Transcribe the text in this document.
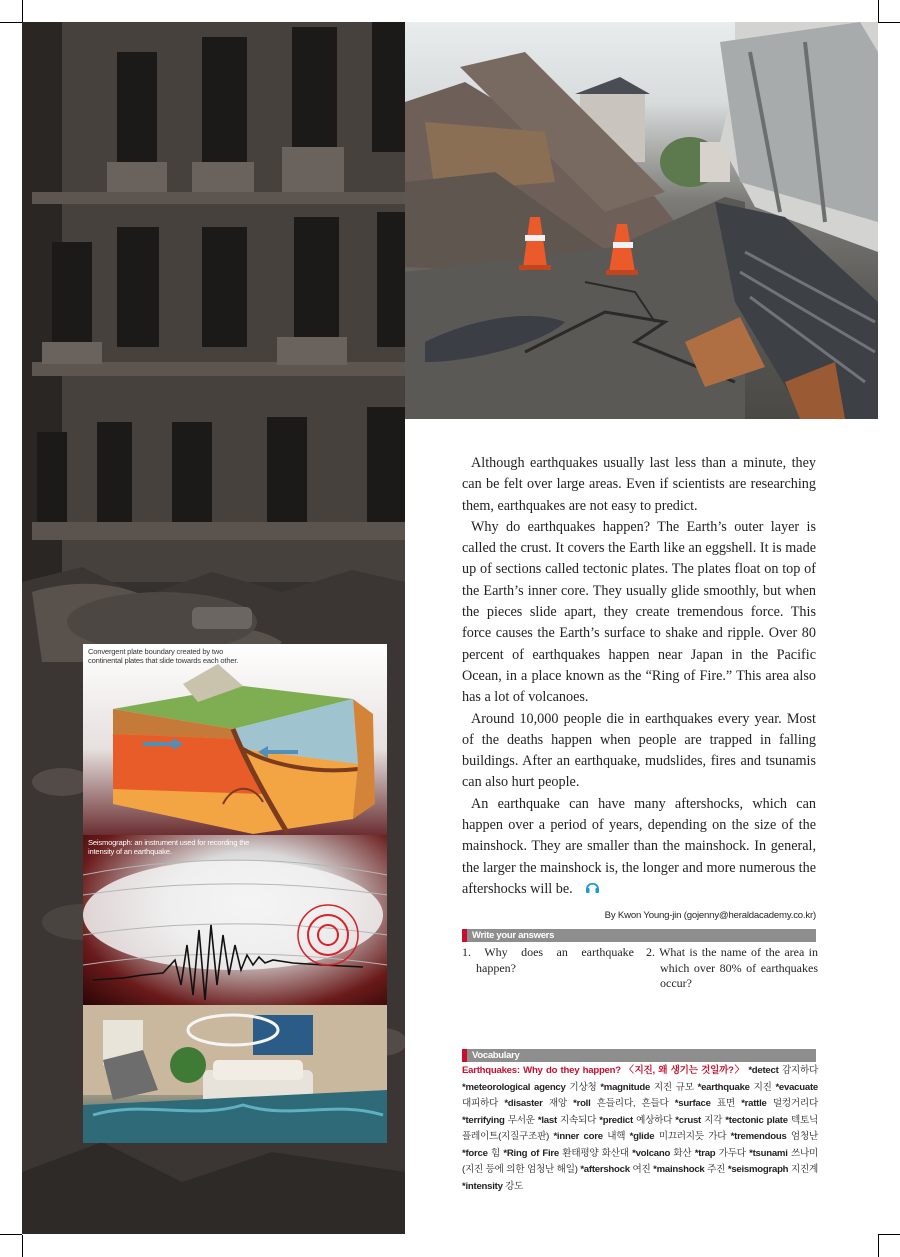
Convergent plate boundary created by two continental plates that slide towards each other.
Seismograph: an instrument used for recording the intensity of an earthquake.

Although earthquakes usually last less than a minute, they can be felt over large areas. Even if scientists are researching them, earthquakes are not easy to predict.

Why do earthquakes happen? The Earth’s outer layer is called the crust. It covers the Earth like an eggshell. It is made up of sections called tectonic plates. The plates float on top of the Earth’s inner core. They usually glide smoothly, but when the pieces slide apart, they create tremendous force. This force causes the Earth’s surface to shake and ripple. Over 80 percent of earthquakes happen near Japan in the Pacific Ocean, in a place known as the “Ring of Fire.” This area also has a lot of volcanoes.

Around 10,000 people die in earthquakes every year. Most of the deaths happen when people are trapped in falling buildings. After an earthquake, mudslides, fires and tsunamis can also hurt people.

An earthquake can have many aftershocks, which can happen over a period of years, depending on the size of the mainshock. They are smaller than the mainshock. In general, the larger the mainshock is, the longer and more numerous the aftershocks will be.
By Kwon Young-jin (gojenny@heraldacademy.co.kr)

Write your answers
1. Why does an earthquake happen?
2. What is the name of the area in which over 80% of earthquakes occur?
Vocabulary
Earthquakes: Why do they happen? 〈지진, 왜 생기는 것일까?〉 *detect 감지하다 *meteorological agency 기상청 *magnitude 지진 규모 *earthquake 지진 *evacuate 대피하다 *disaster 재앙 *roll 흔들리다, 흔들다 *surface 표면 *rattle 덜컹거리다 *terrifying 무서운 *last 지속되다 *predict 예상하다 *crust 지각 *tectonic plate 텍토닉 플레이트(지질구조판) *inner core 내핵 *glide 미끄러지듯 가다 *tremendous 엄청난 *force 힘 *Ring of Fire 환태평양 화산대 *volcano 화산 *trap 가두다 *tsunami 쓰나미(지진 등에 의한 엄청난 해일) *aftershock 여진 *mainshock 주진 *seismograph 지진계 *intensity 강도
